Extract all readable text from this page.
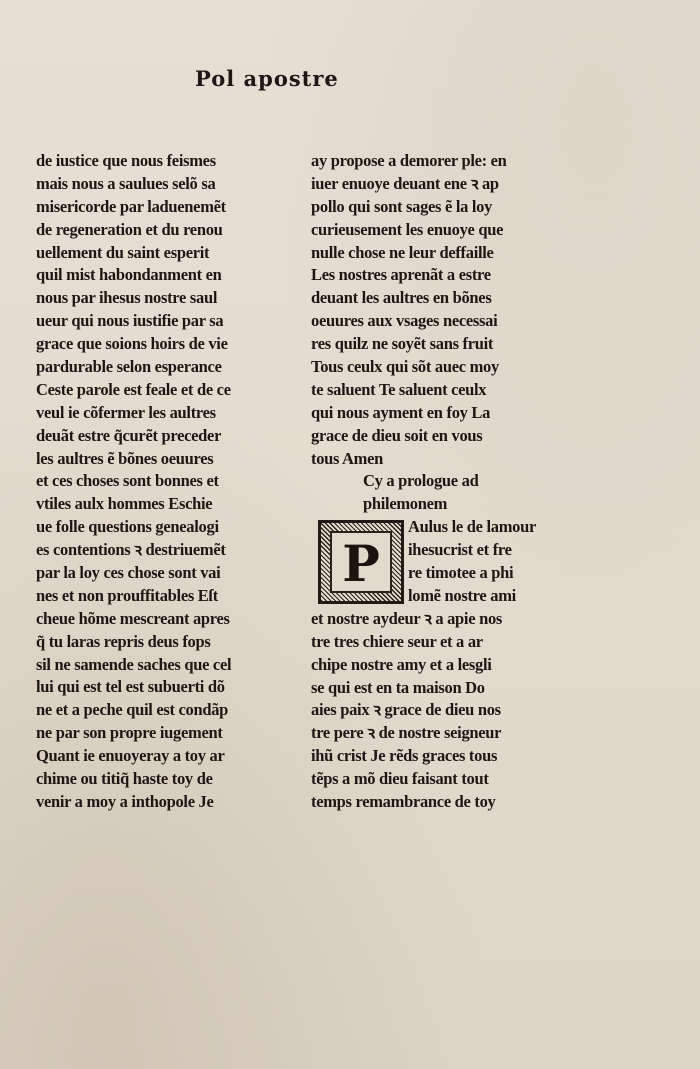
Pol apostre
de iustice que nous feismes
mais nous a saulues selõ sa
misericorde par laduenemẽt
de regeneration et du renou
uellement du saint esperit
quil mist habondanment en
nous par ihesus nostre saul
ueur qui nous iustifie par sa
grace que soions hoirs de vie
pardurable selon esperance
Ceste parole est feale et de ce
veul ie cõfermer les aultres
deuãt estre q̃curẽt preceder
les aultres ẽ bõnes oeuures
et ces choses sont bonnes et
vtiles aulx hommes Eschie
ue folle questions genealogi
es contentions ꝛ destriuemẽt
par la loy ces chose sont vai
nes et non prouffitables Eſt
cheue hõme mescreant apres
q̃ tu laras repris deus fops
sil ne samende saches que cel
lui qui est tel est subuerti dõ
ne et a peche quil est condãp
ne par son propre iugement
Quant ie enuoyeray a toy ar
chime ou titiq̃ haste toy de
venir a moy a inthopole Je
ay propose a demorer ple: en
iuer enuoye deuant ene ꝛ ap
pollo qui sont sages ẽ la loy
curieusement les enuoye que
nulle chose ne leur deffaille
Les nostres aprenãt a estre
deuant les aultres en bõnes
oeuures aux vsages necessai
res quilz ne soyẽt sans fruit
Tous ceulx qui sõt auec moy
te saluent Te saluent ceulx
qui nous ayment en foy La
grace de dieu soit en vous
tous Amen
Cy a prologue ad
philemonem
P
Aulus le de lamour
ihesucrist et fre
re timotee a phi
lomẽ nostre ami
et nostre aydeur ꝛ a apie nos
tre tres chiere seur et a ar
chipe nostre amy et a lesgli
se qui est en ta maison Do
aies paix ꝛ grace de dieu nos
tre pere ꝛ de nostre seigneur
ihũ crist Je rẽds graces tous
tẽps a mõ dieu faisant tout
temps remambrance de toy
